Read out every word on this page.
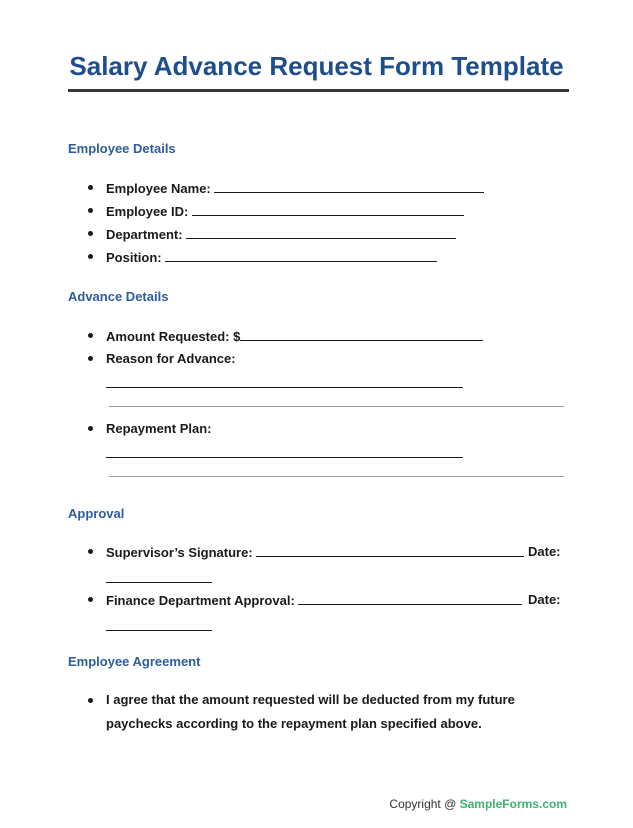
Salary Advance Request Form Template
Employee Details
Employee Name:
Employee ID:
Department:
Position:
Advance Details
Amount Requested: $
Reason for Advance:
Repayment Plan:
Approval
Supervisor’s Signature:	Date:
Finance Department Approval:	Date:
Employee Agreement
I agree that the amount requested will be deducted from my future paychecks according to the repayment plan specified above.
Copyright @ SampleForms.com
